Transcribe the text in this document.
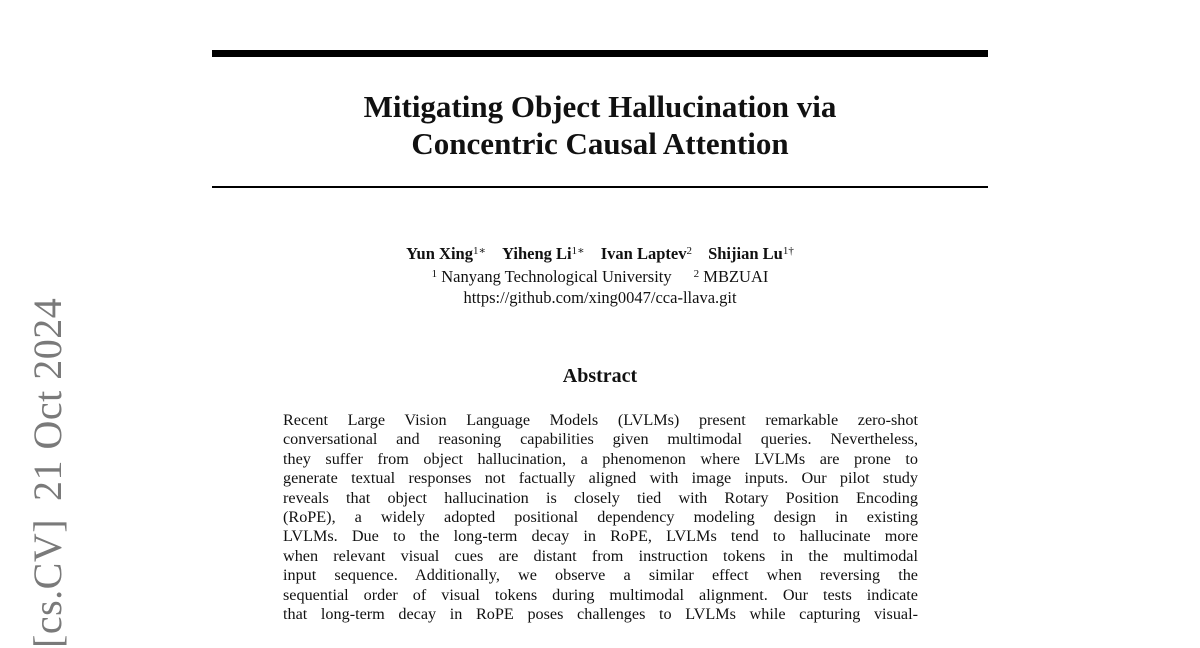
[cs.CV]21 Oct 2024
Mitigating Object Hallucination via
Concentric Causal Attention
Yun Xing$^{1∗}$ Yiheng $Li^{1∗}$ Ivan Laptev$^2$ Shijian $Lu^{1\dagger}$
$^1$ Nanyang Technological University $^2$ MBZUAI
https://github.com/xing0047/cca-llava.git
Abstract
Recent Large Vision Language Models (LVLMs) present remarkable zero-shot
conversational and reasoning capabilities given multimodal queries. Nevertheless,
they suffer from object hallucination, a phenomenon where LVLMs are prone to
generate textual responses not factually aligned with image inputs. Our pilot study
reveals that object hallucination is closely tied with Rotary Position Encoding
(RoPE), a widely adopted positional dependency modeling design in existing
LVLMs. Due to the long-term decay in RoPE, LVLMs tend to hallucinate more
when relevant visual cues are distant from instruction tokens in the multimodal
input sequence. Additionally, we observe a similar effect when reversing the
sequential order of visual tokens during multimodal alignment. Our tests indicate
that long-term decay in RoPE poses challenges to LVLMs while capturing visual-
